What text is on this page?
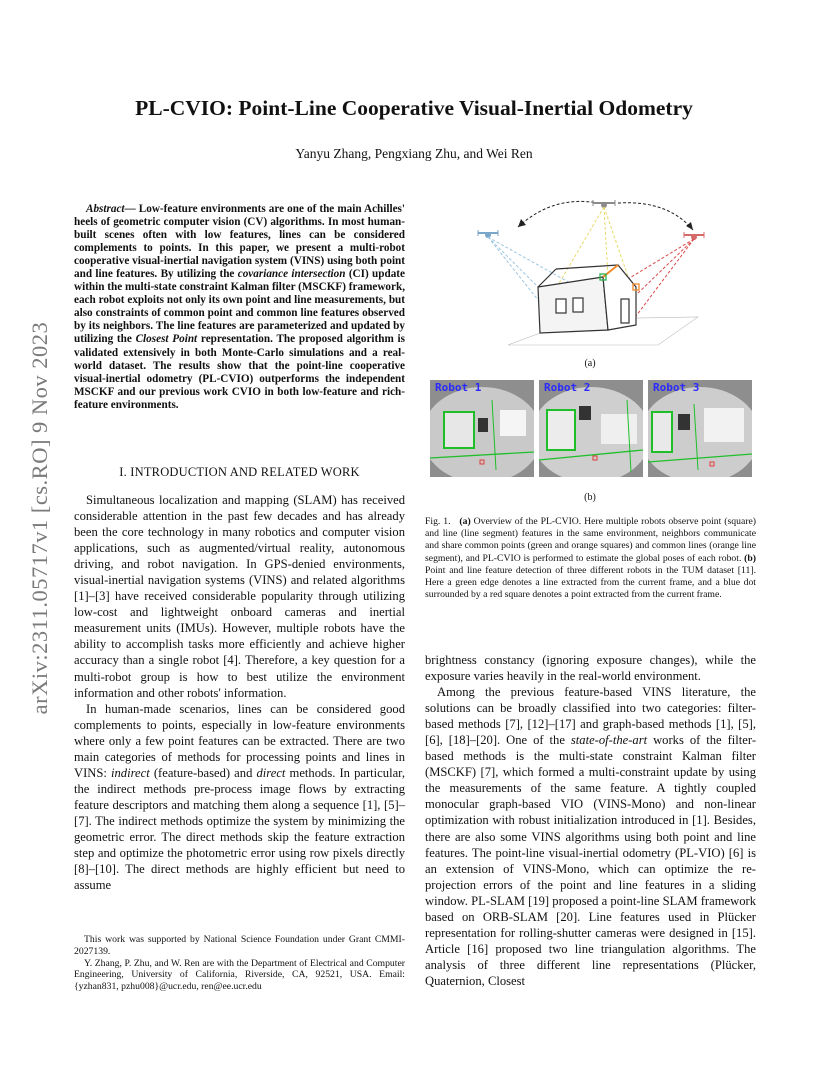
arXiv:2311.05717v1 [cs.RO] 9 Nov 2023
PL-CVIO: Point-Line Cooperative Visual-Inertial Odometry
Yanyu Zhang, Pengxiang Zhu, and Wei Ren
Abstract— Low-feature environments are one of the main Achilles' heels of geometric computer vision (CV) algorithms. In most human-built scenes often with low features, lines can be considered complements to points. In this paper, we present a multi-robot cooperative visual-inertial navigation system (VINS) using both point and line features. By utilizing the covariance intersection (CI) update within the multi-state constraint Kalman filter (MSCKF) framework, each robot exploits not only its own point and line measurements, but also constraints of common point and common line features observed by its neighbors. The line features are parameterized and updated by utilizing the Closest Point representation. The proposed algorithm is validated extensively in both Monte-Carlo simulations and a real-world dataset. The results show that the point-line cooperative visual-inertial odometry (PL-CVIO) outperforms the independent MSCKF and our previous work CVIO in both low-feature and rich-feature environments.
I. INTRODUCTION AND RELATED WORK

Simultaneous localization and mapping (SLAM) has received considerable attention in the past few decades and has already been the core technology in many robotics and computer vision applications, such as augmented/virtual reality, autonomous driving, and robot navigation. In GPS-denied environments, visual-inertial navigation systems (VINS) and related algorithms [1]–[3] have received considerable popularity through utilizing low-cost and lightweight onboard cameras and inertial measurement units (IMUs). However, multiple robots have the ability to accomplish tasks more efficiently and achieve higher accuracy than a single robot [4]. Therefore, a key question for a multi-robot group is how to best utilize the environment information and other robots' information.

In human-made scenarios, lines can be considered good complements to points, especially in low-feature environments where only a few point features can be extracted. There are two main categories of methods for processing points and lines in VINS: indirect (feature-based) and direct methods. In particular, the indirect methods pre-process image flows by extracting feature descriptors and matching them along a sequence [1], [5]–[7]. The indirect methods optimize the system by minimizing the geometric error. The direct methods skip the feature extraction step and optimize the photometric error using row pixels directly [8]–[10]. The direct methods are highly efficient but need to assume

This work was supported by National Science Foundation under Grant CMMI-2027139.

Y. Zhang, P. Zhu, and W. Ren are with the Department of Electrical and Computer Engineering, University of California, Riverside, CA, 92521, USA. Email: {yzhan831, pzhu008}@ucr.edu, ren@ee.ucr.edu

(a)
Robot 1	Robot 2	Robot 3
(b)
Fig. 1. (a) Overview of the PL-CVIO. Here multiple robots observe point (square) and line (line segment) features in the same environment, neighbors communicate and share common points (green and orange squares) and common lines (orange line segment), and PL-CVIO is performed to estimate the global poses of each robot. (b) Point and line feature detection of three different robots in the TUM dataset [11]. Here a green edge denotes a line extracted from the current frame, and a blue dot surrounded by a red square denotes a point extracted from the current frame.

brightness constancy (ignoring exposure changes), while the exposure varies heavily in the real-world environment.

Among the previous feature-based VINS literature, the solutions can be broadly classified into two categories: filter-based methods [7], [12]–[17] and graph-based methods [1], [5], [6], [18]–[20]. One of the state-of-the-art works of the filter-based methods is the multi-state constraint Kalman filter (MSCKF) [7], which formed a multi-constraint update by using the measurements of the same feature. A tightly coupled monocular graph-based VIO (VINS-Mono) and non-linear optimization with robust initialization introduced in [1]. Besides, there are also some VINS algorithms using both point and line features. The point-line visual-inertial odometry (PL-VIO) [6] is an extension of VINS-Mono, which can optimize the re-projection errors of the point and line features in a sliding window. PL-SLAM [19] proposed a point-line SLAM framework based on ORB-SLAM [20]. Line features used in Plücker representation for rolling-shutter cameras were designed in [15]. Article [16] proposed two line triangulation algorithms. The analysis of three different line representations (Plücker, Quaternion, Closest
